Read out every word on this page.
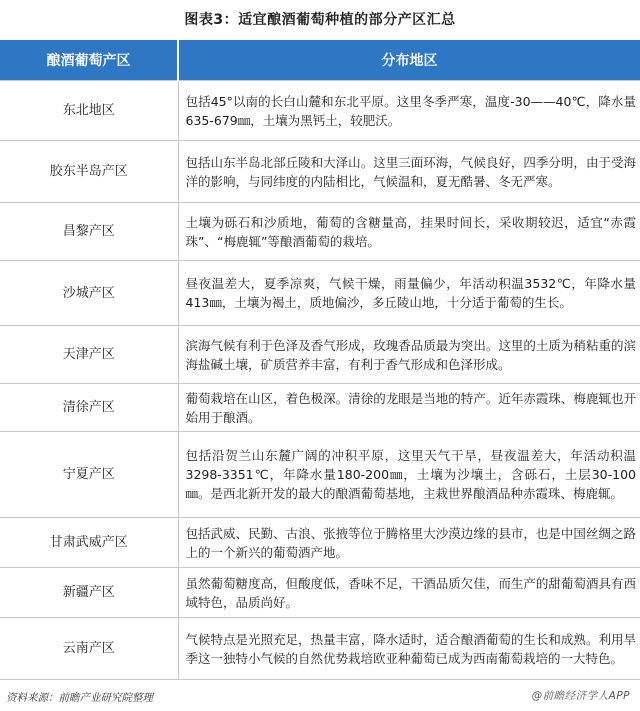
图表3：适宜酿酒葡萄种植的部分产区汇总
酿酒葡萄产区	分布地区
东北地区	包括45°以南的长白山麓和东北平原。这里冬季严寒，温度-30——40℃，降水量635-679㎜，土壤为黑钙土，较肥沃。
胶东半岛产区	包括山东半岛北部丘陵和大泽山。这里三面环海，气候良好，四季分明，由于受海洋的影响，与同纬度的内陆相比，气候温和，夏无酷暑、冬无严寒。
昌黎产区	土壤为砾石和沙质地，葡萄的含糖量高，挂果时间长，采收期较迟，适宜“赤霞珠”、“梅鹿辄”等酿酒葡萄的栽培。
沙城产区	昼夜温差大，夏季凉爽，气候干燥，雨量偏少，年活动积温3532℃，年降水量413㎜，土壤为褐土，质地偏沙，多丘陵山地，十分适于葡萄的生长。
天津产区	滨海气候有利于色泽及香气形成，玫瑰香品质最为突出。这里的土质为稍粘重的滨海盐碱土壤，矿质营养丰富，有利于香气形成和色泽形成。
清徐产区	葡萄栽培在山区，着色极深。清徐的龙眼是当地的特产。近年赤霞珠、梅鹿辄也开始用于酿酒。
宁夏产区	包括沿贺兰山东麓广阔的冲积平原，这里天气干旱，昼夜温差大，年活动积温3298-3351℃，年降水量180-200㎜，土壤为沙壤土，含砾石，土层30-100㎜。是西北新开发的最大的酿酒葡萄基地，主栽世界酿酒品种赤霞珠、梅鹿辄。
甘肃武威产区	包括武威、民勤、古浪、张掖等位于腾格里大沙漠边缘的县市，也是中国丝绸之路上的一个新兴的葡萄酒产地。
新疆产区	虽然葡萄糖度高，但酸度低，香味不足，干酒品质欠佳，而生产的甜葡萄酒具有西域特色，品质尚好。
云南产区	气候特点是光照充足，热量丰富，降水适时，适合酿酒葡萄的生长和成熟。利用旱季这一独特小气候的自然优势栽培欧亚种葡萄已成为西南葡萄栽培的一大特色。
资料来源：前瞻产业研究院整理	@前瞻经济学人APP
